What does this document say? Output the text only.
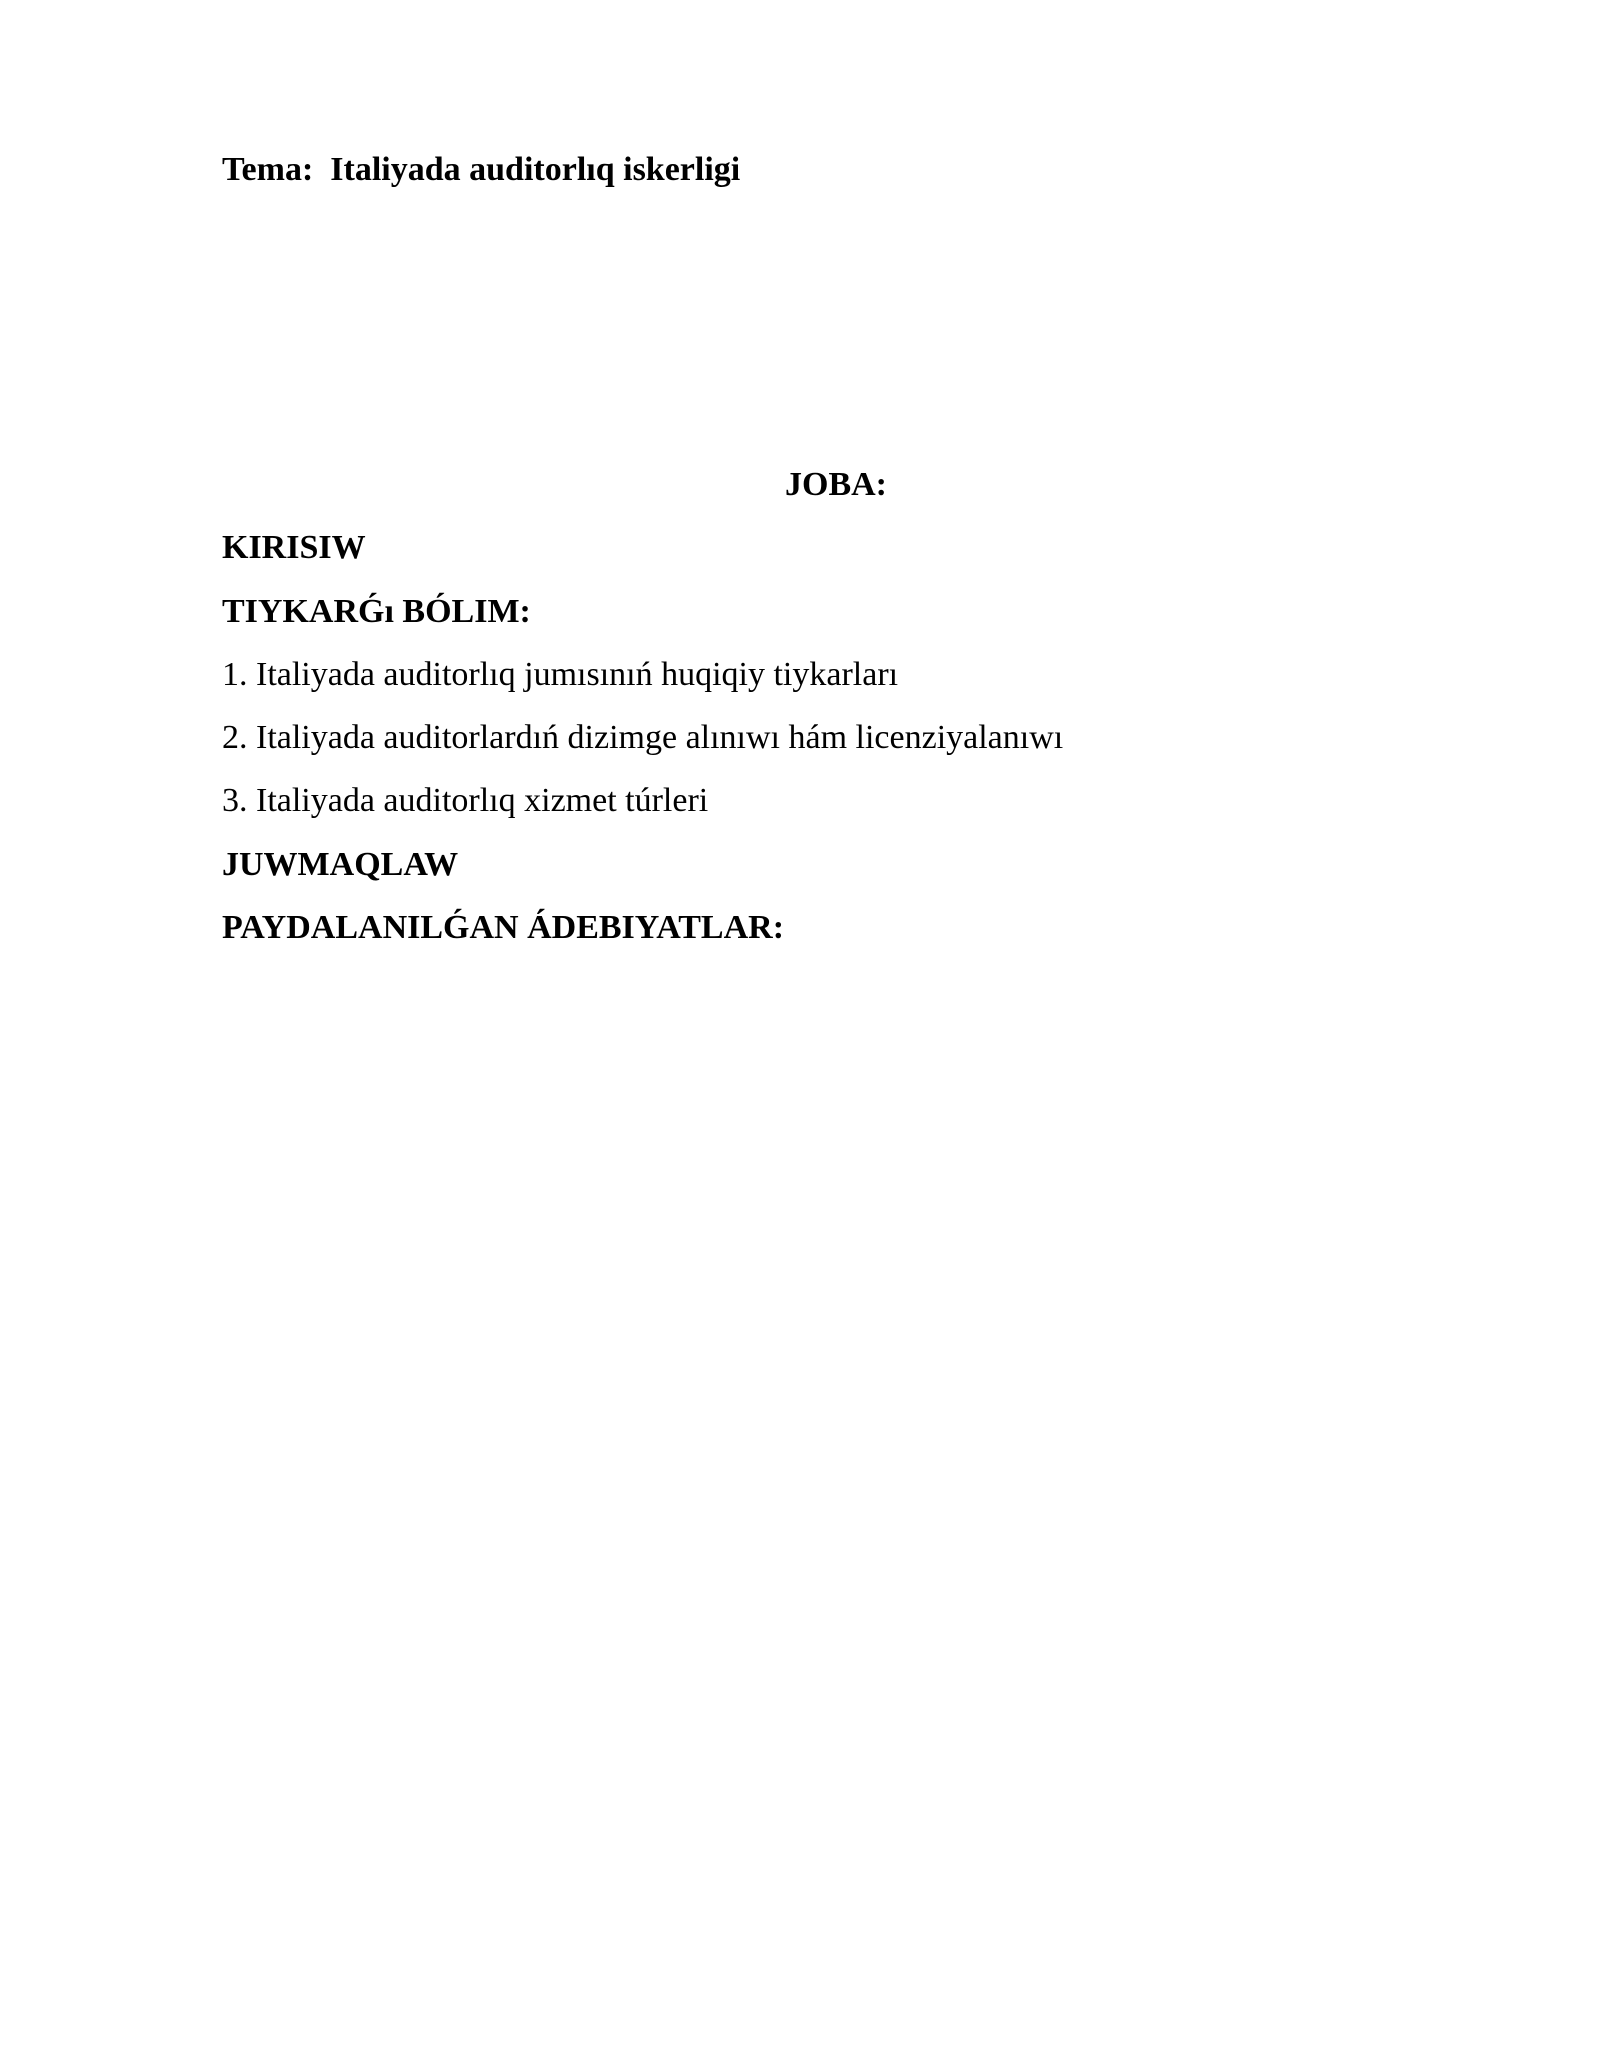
Tema:  Italiyada auditorlıq iskerligi
JOBA:
KIRISIW
TIYKARǴı BÓLIM:
1. Italiyada auditorlıq jumısınıń huqiqiy tiykarları
2. Italiyada auditorlardıń dizimge alınıwı hám licenziyalanıwı
3. Italiyada auditorlıq xizmet túrleri
JUWMAQLAW
PAYDALANILǴAN ÁDEBIYATLAR:
